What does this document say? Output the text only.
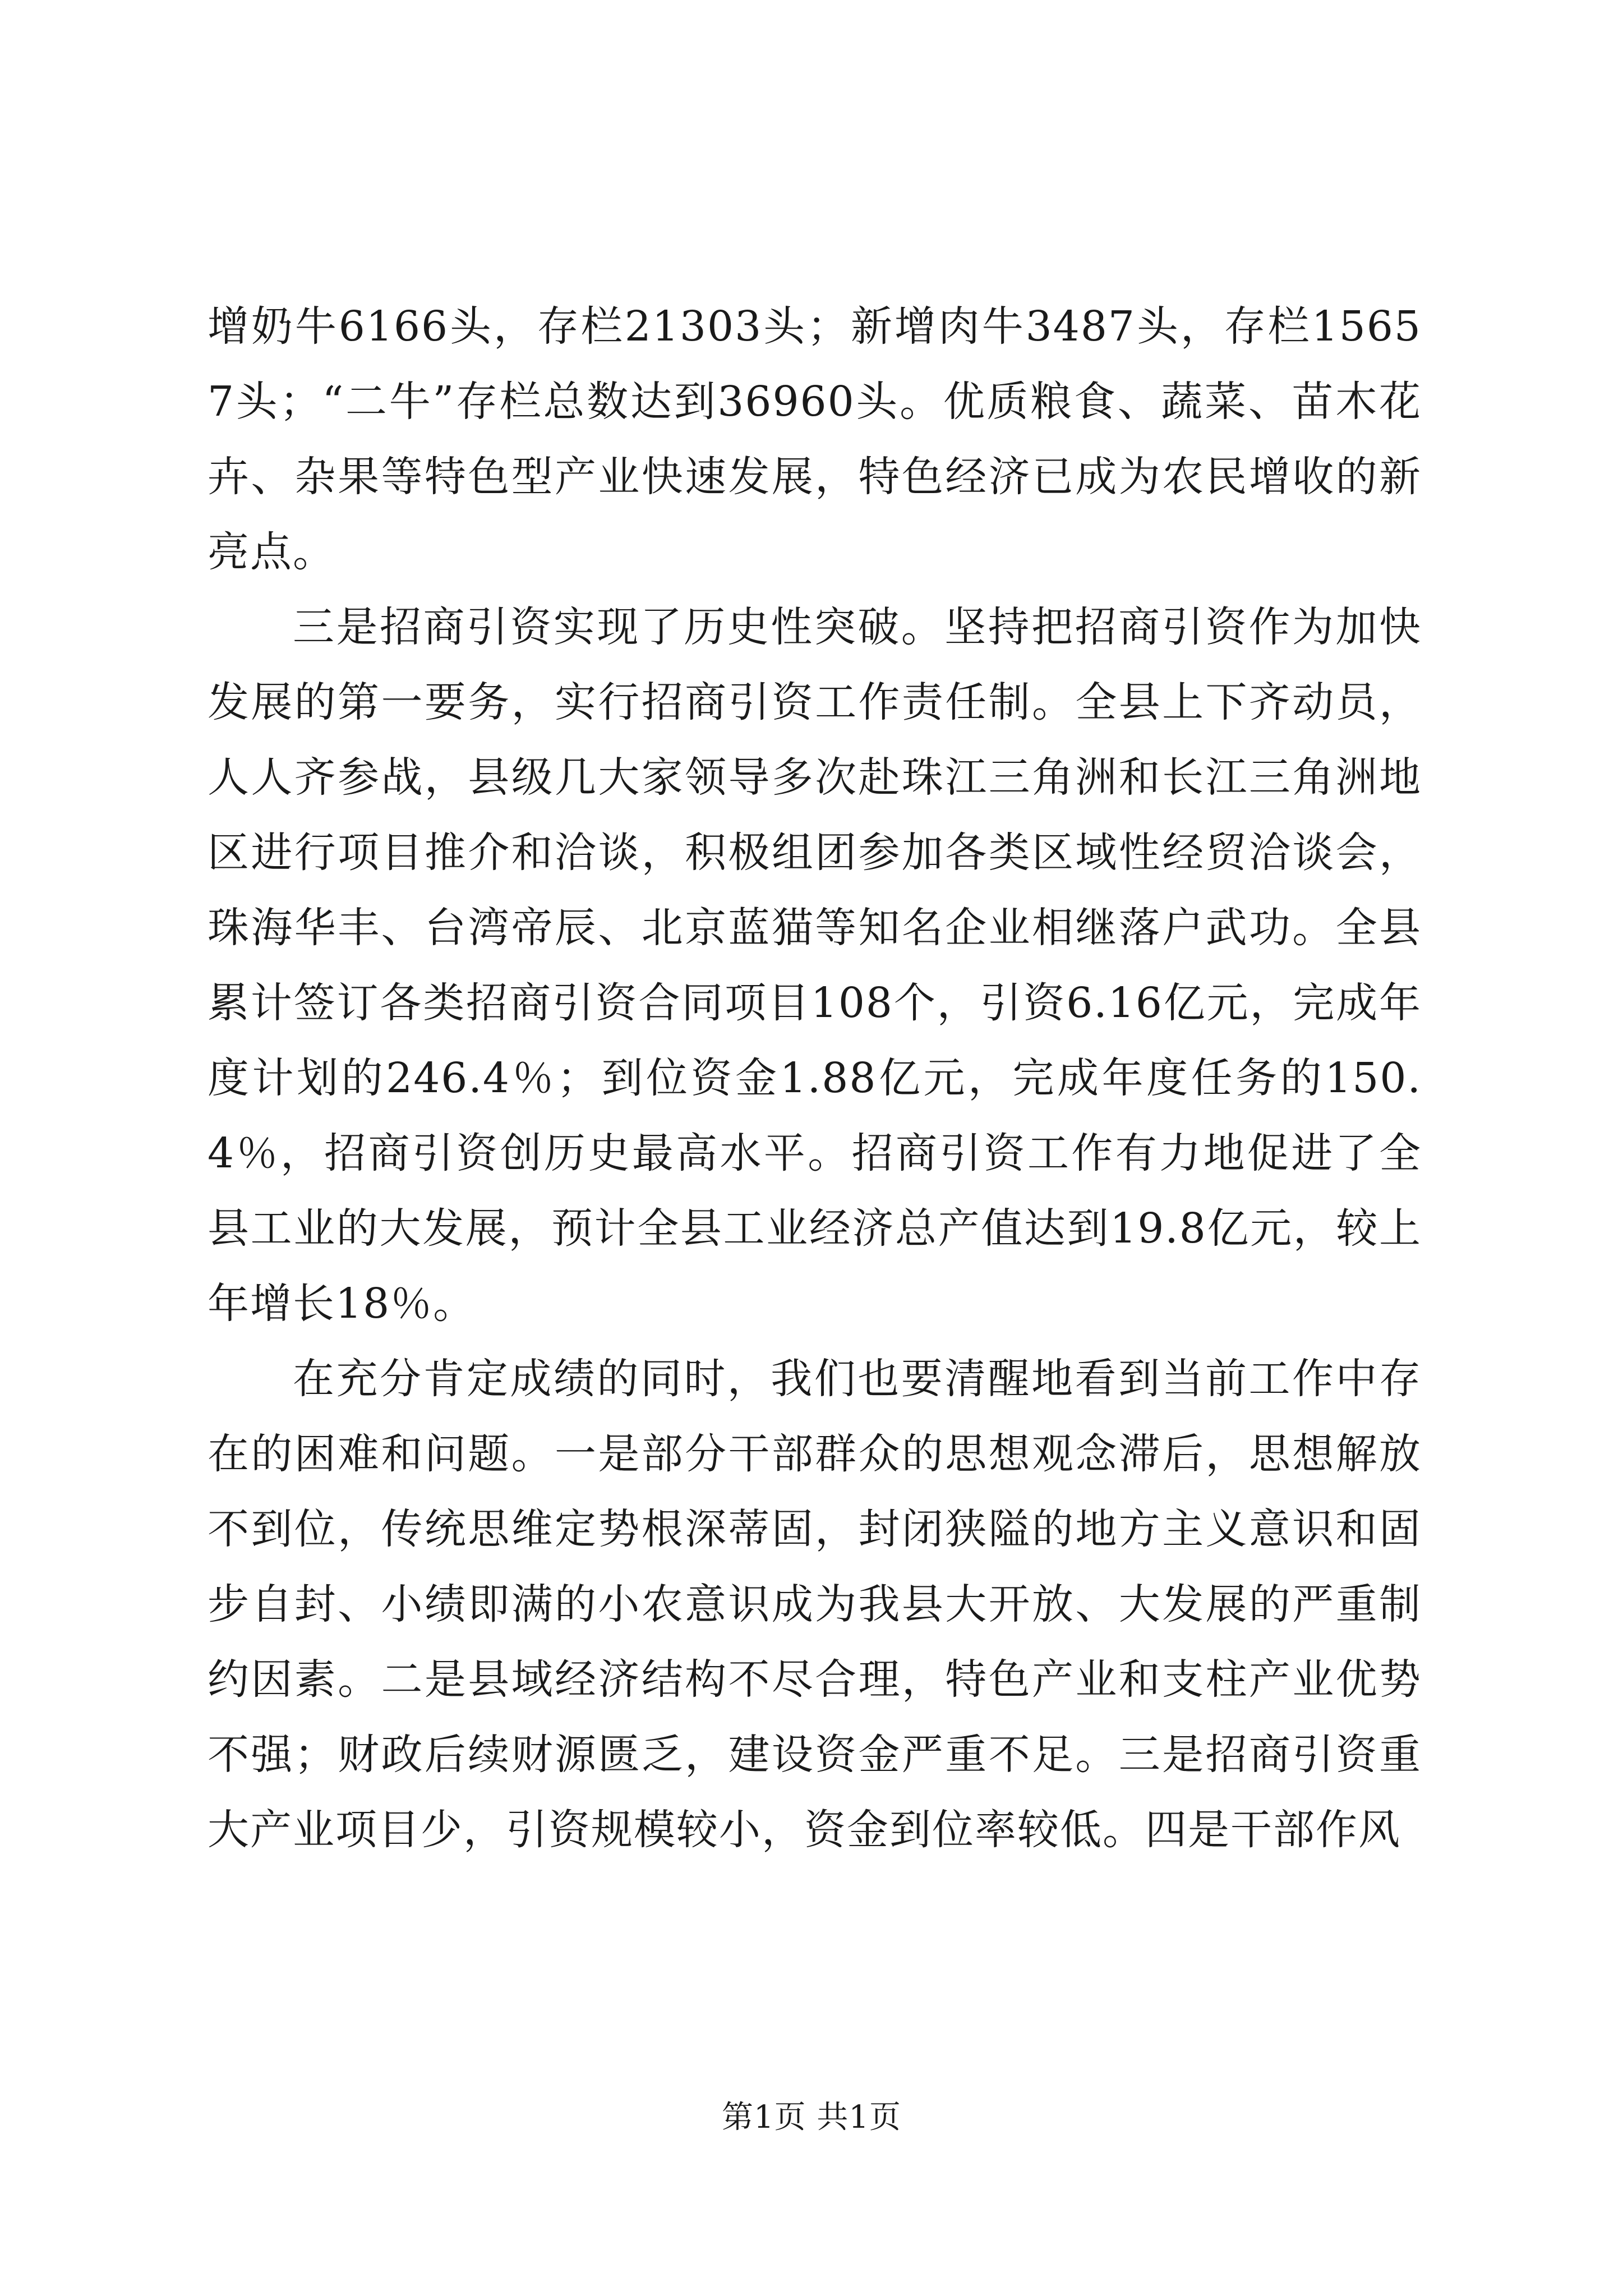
增奶牛6166头，存栏21303头；新增肉牛3487头，存栏15657头；“二牛”存栏总数达到36960头。优质粮食、蔬菜、苗木花卉、杂果等特色型产业快速发展，特色经济已成为农民增收的新亮点。

三是招商引资实现了历史性突破。坚持把招商引资作为加快发展的第一要务，实行招商引资工作责任制。全县上下齐动员，人人齐参战，县级几大家领导多次赴珠江三角洲和长江三角洲地区进行项目推介和洽谈，积极组团参加各类区域性经贸洽谈会，珠海华丰、台湾帝辰、北京蓝猫等知名企业相继落户武功。全县累计签订各类招商引资合同项目108个，引资6.16亿元，完成年度计划的246.4％；到位资金1.88亿元，完成年度任务的150.4％，招商引资创历史最高水平。招商引资工作有力地促进了全县工业的大发展，预计全县工业经济总产值达到19.8亿元，较上年增长18％。

在充分肯定成绩的同时，我们也要清醒地看到当前工作中存在的困难和问题。一是部分干部群众的思想观念滞后，思想解放不到位，传统思维定势根深蒂固，封闭狭隘的地方主义意识和固步自封、小绩即满的小农意识成为我县大开放、大发展的严重制约因素。二是县域经济结构不尽合理，特色产业和支柱产业优势不强；财政后续财源匮乏，建设资金严重不足。三是招商引资重大产业项目少，引资规模较小，资金到位率较低。四是干部作风

第1页 共1页
